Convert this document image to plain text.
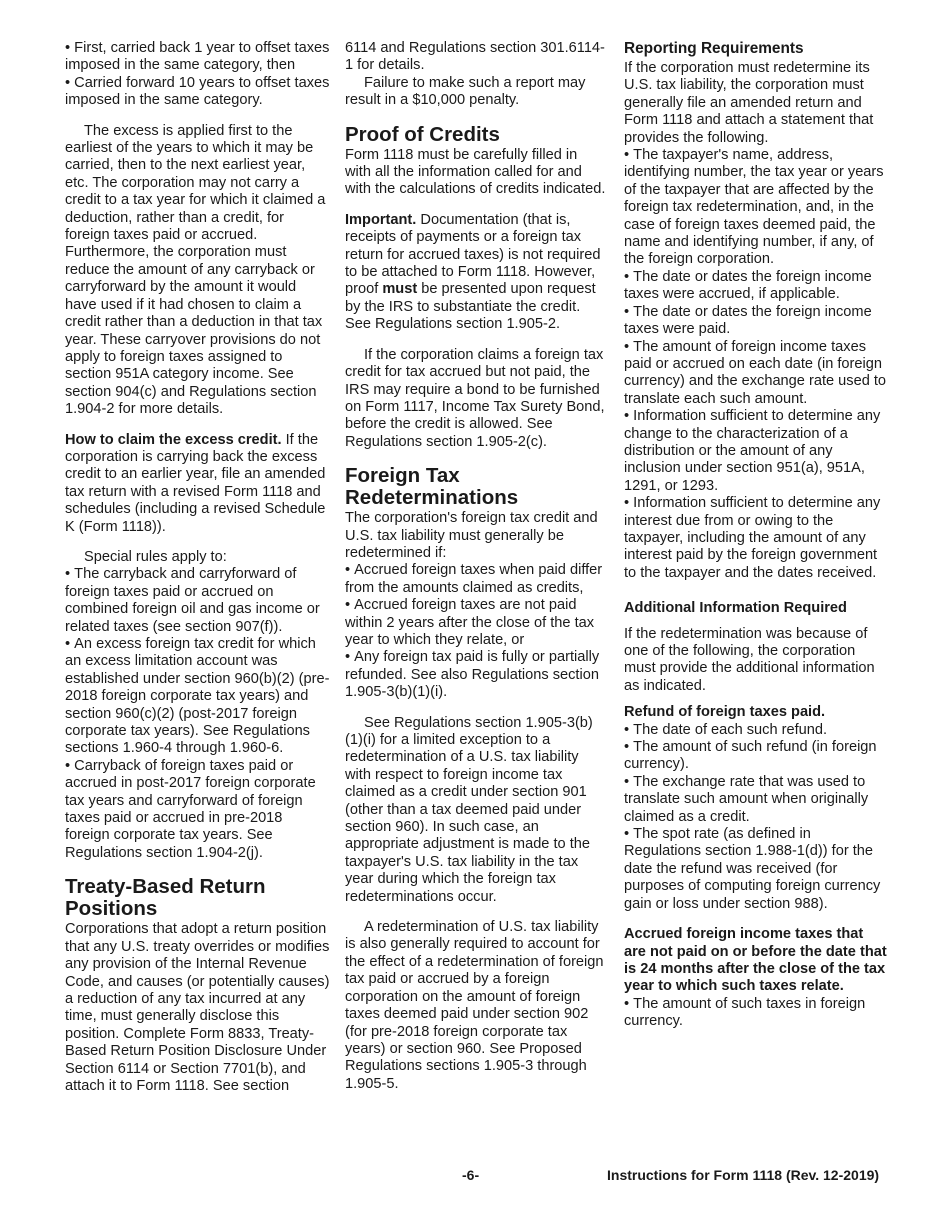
• First, carried back 1 year to offset taxes imposed in the same category, then

• Carried forward 10 years to offset taxes imposed in the same category.

The excess is applied first to the earliest of the years to which it may be carried, then to the next earliest year, etc. The corporation may not carry a credit to a tax year for which it claimed a deduction, rather than a credit, for foreign taxes paid or accrued. Furthermore, the corporation must reduce the amount of any carryback or carryforward by the amount it would have used if it had chosen to claim a credit rather than a deduction in that tax year. These carryover provisions do not apply to foreign taxes assigned to section 951A category income. See section 904(c) and Regulations section 1.904-2 for more details.

How to claim the excess credit. If the corporation is carrying back the excess credit to an earlier year, file an amended tax return with a revised Form 1118 and schedules (including a revised Schedule K (Form 1118)).

Special rules apply to:

• The carryback and carryforward of foreign taxes paid or accrued on combined foreign oil and gas income or related taxes (see section 907(f)).

• An excess foreign tax credit for which an excess limitation account was established under section 960(b)(2) (pre-2018 foreign corporate tax years) and section 960(c)(2) (post-2017 foreign corporate tax years). See Regulations sections 1.960-4 through 1.960-6.

• Carryback of foreign taxes paid or accrued in post-2017 foreign corporate tax years and carryforward of foreign taxes paid or accrued in pre-2018 foreign corporate tax years. See Regulations section 1.904-2(j).

Treaty-Based Return Positions

Corporations that adopt a return position that any U.S. treaty overrides or modifies any provision of the Internal Revenue Code, and causes (or potentially causes) a reduction of any tax incurred at any time, must generally disclose this position. Complete Form 8833, Treaty-Based Return Position Disclosure Under Section 6114 or Section 7701(b), and attach it to Form 1118. See section

6114 and Regulations section 301.6114-1 for details.

Failure to make such a report may result in a $10,000 penalty.

Proof of Credits

Form 1118 must be carefully filled in with all the information called for and with the calculations of credits indicated.

Important. Documentation (that is, receipts of payments or a foreign tax return for accrued taxes) is not required to be attached to Form 1118. However, proof must be presented upon request by the IRS to substantiate the credit. See Regulations section 1.905-2.

If the corporation claims a foreign tax credit for tax accrued but not paid, the IRS may require a bond to be furnished on Form 1117, Income Tax Surety Bond, before the credit is allowed. See Regulations section 1.905-2(c).

Foreign Tax Redeterminations

The corporation's foreign tax credit and U.S. tax liability must generally be redetermined if:

• Accrued foreign taxes when paid differ from the amounts claimed as credits,

• Accrued foreign taxes are not paid within 2 years after the close of the tax year to which they relate, or

• Any foreign tax paid is fully or partially refunded. See also Regulations section 1.905-3(b)(1)(i).

See Regulations section 1.905-3(b)(1)(i) for a limited exception to a redetermination of a U.S. tax liability with respect to foreign income tax claimed as a credit under section 901 (other than a tax deemed paid under section 960). In such case, an appropriate adjustment is made to the taxpayer's U.S. tax liability in the tax year during which the foreign tax redeterminations occur.

A redetermination of U.S. tax liability is also generally required to account for the effect of a redetermination of foreign tax paid or accrued by a foreign corporation on the amount of foreign taxes deemed paid under section 902 (for pre-2018 foreign corporate tax years) or section 960. See Proposed Regulations sections 1.905-3 through 1.905-5.

Reporting Requirements

If the corporation must redetermine its U.S. tax liability, the corporation must generally file an amended return and Form 1118 and attach a statement that provides the following.

• The taxpayer's name, address, identifying number, the tax year or years of the taxpayer that are affected by the foreign tax redetermination, and, in the case of foreign taxes deemed paid, the name and identifying number, if any, of the foreign corporation.

• The date or dates the foreign income taxes were accrued, if applicable.

• The date or dates the foreign income taxes were paid.

• The amount of foreign income taxes paid or accrued on each date (in foreign currency) and the exchange rate used to translate each such amount.

• Information sufficient to determine any change to the characterization of a distribution or the amount of any inclusion under section 951(a), 951A, 1291, or 1293.

• Information sufficient to determine any interest due from or owing to the taxpayer, including the amount of any interest paid by the foreign government to the taxpayer and the dates received.

Additional Information Required

If the redetermination was because of one of the following, the corporation must provide the additional information as indicated.

Refund of foreign taxes paid.

• The date of each such refund.

• The amount of such refund (in foreign currency).

• The exchange rate that was used to translate such amount when originally claimed as a credit.

• The spot rate (as defined in Regulations section 1.988-1(d)) for the date the refund was received (for purposes of computing foreign currency gain or loss under section 988).

Accrued foreign income taxes that are not paid on or before the date that is 24 months after the close of the tax year to which such taxes relate.

• The amount of such taxes in foreign currency.

-6-	Instructions for Form 1118 (Rev. 12-2019)
